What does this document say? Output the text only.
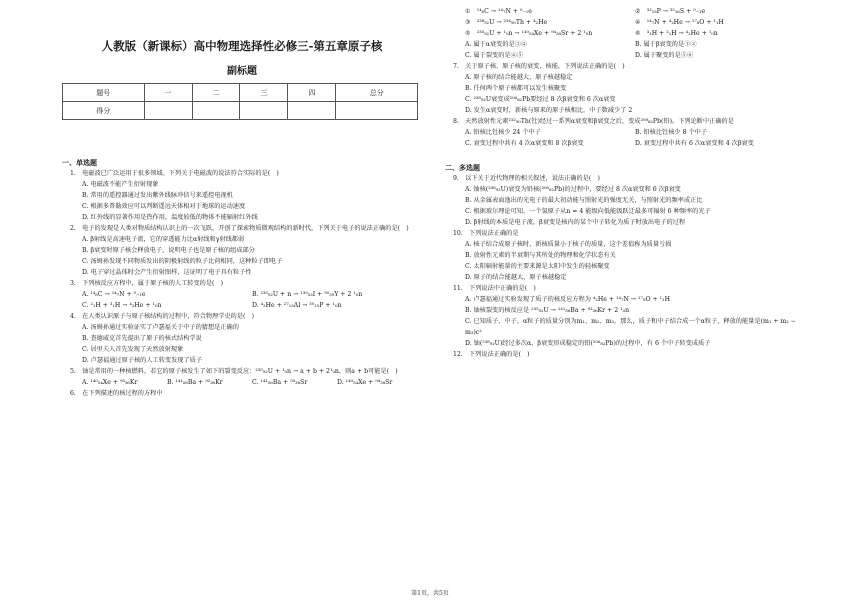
人教版（新课标）高中物理选择性必修三-第五章原子核
副标题
题号	一	二	三	四	总分
得分					
一、单选题
1.　电磁波已广泛运用于很多领域。下列关于电磁波的说法符合实际的是(　)
A. 电磁波不能产生衍射现象
B. 常用的遥控器通过发出紫外线脉冲信号来遥控电视机
C. 根据多普勒效应可以判断遥远天体相对于地球的运动速度
D. 红外线的显著作用是热作用，温度较低的物体不能辐射红外线
2.　电子的发现是人类对物质结构认识上的一次飞跃，开创了探索物质微观结构的新时代，下列关于电子的说法正确的是(　)
A. β射线是高速电子流，它的穿透能力比α射线和γ射线都弱
B. β衰变时原子核会释放电子，说明电子也是原子核的组成部分
C. 汤姆孙发现不同物质发出的阴极射线的粒子比荷相同，这种粒子即电子
D. 电子穿过晶体时会产生衍射图样，这证明了电子具有粒子性
3.　下列核反应方程中，属于原子核的人工转变的是(　)
A. ¹⁴₆C → ¹⁴₇N + ⁰₋₁e	B. ²³⁵₉₂U + n → ¹³⁹₅₃I + ⁹⁵₃₉Y + 2 ¹₀n
C. ²₁H + ³₁H → ⁴₂He + ¹₀n	D. ⁴₂He + ²⁷₁₃Al → ³⁰₁₅P + ¹₀n
4.　在人类认识原子与原子核结构的过程中，符合物理学史的是(　)
A. 汤姆孙通过实验证实了卢瑟福关于中子的猜想是正确的
B. 查德威克首先提出了原子的核式结构学说
C. 居里夫人首先发现了天然放射现象
D. 卢瑟福通过原子核的人工转变发现了质子
5.　铀是常用的一种核燃料，若它的原子核发生了如下的裂变反应：²³⁵₉₂U + ¹₀n → a + b + 2¹₀n，则a + b可能是(　)
A. ¹⁴⁰₅₄Xe + ⁹³₃₆Kr	B. ¹⁴¹₅₆Ba + ⁹²₃₆Kr	C. ¹⁴¹₅₆Ba + ⁹³₃₈Sr	D. ¹⁴⁰₅₄Xe + ⁹⁴₃₈Sr
6.　在下列描述的核过程的方程中
①　¹⁴₆C → ¹⁴₇N + ⁰₋₁e	②　³²₁₅P → ³²₁₆S + ⁰₋₁e
③　²³⁸₉₂U → ²³⁴₉₀Th + ⁴₂He	④　¹⁴₇N + ⁴₂He → ¹⁷₈O + ¹₁H
⑤　²³⁵₉₂U + ¹₀n → ¹⁴⁰₅₄Xe + ⁹⁴₃₈Sr + 2 ¹₀n	⑥　³₁H + ²₁H → ⁴₂He + ¹₀n
A. 属于α衰变的是③④	B. 属于β衰变的是①②
C. 属于裂变的是④⑤	D. 属于聚变的是⑤⑥
7.　关于原子核、原子核的衰变、核能，下列说法正确的是(　)
A. 原子核的结合能越大，原子核越稳定
B. 任何两个原子核都可以发生核聚变
C. ²³⁸₉₂U衰变成²⁰⁶₈₂Pb要经过 8 次β衰变和 6 次α衰变
D. 发生α衰变时，新核与原来的原子核相比，中子数减少了 2
8.　天然放射性元素²³²₉₀Th(钍)经过一系列α衰变和β衰变之后，变成²⁰⁸₈₂Pb(铅)。下列论断中正确的是
A. 铅核比钍核少 24 个中子	B. 铅核比钍核少 8 个中子
C. 衰变过程中共有 4 次α衰变和 8 次β衰变	D. 衰变过程中共有 6 次α衰变和 4 次β衰变
二、多选题
9.　以下关于近代物理的相关叙述，说法正确的是(　)
A. 铀核(²³⁸₉₂U)衰变为铅核(²⁰⁶₈₂Pb)的过程中，要经过 8 次α衰变和 6 次β衰变
B. 从金属表面逸出的光电子的最大初动能与照射光的强度无关，与照射光的频率成正比
C. 根据玻尔理论可知，一个氢原子从n = 4 能级向低能级跃迁最多可辐射 6 种频率的光子
D. β射线的本质是电子流，β衰变是核内的某个中子转化为质子时放出电子的过程
10.　下列说法正确的是
A. 核子结合成原子核时，新核质量小于核子的质量，这个差值称为质量亏损
B. 放射性元素的半衰期与其所处的物理和化学状态有关
C. 太阳辐射能量的主要来源是太阳中发生的轻核聚变
D. 原子的结合能越大，原子核越稳定
11.　下列说法中正确的是(　)
A. 卢瑟福通过实验发现了质子的核反应方程为 ⁴₂He + ¹⁴₇N → ¹⁷₈O + ¹₁H
B. 铀核裂变的核反应是 ²³⁵₉₂U → ¹⁴¹₅₆Ba + ⁹²₃₆Kr + 2 ¹₀n
C. 已知质子、中子、α粒子的质量分别为m₁、m₂、m₃，那么，质子和中子结合成一个α粒子，释放的能量是(m₁ + m₂ − m₃)c²
D. 铀(²³⁸₉₂U)经过多次α、β衰变形成稳定的铅(²⁰⁶₈₂Pb)的过程中，有 6 个中子转变成质子
12.　下列说法正确的是(　)
第1页，共5页
